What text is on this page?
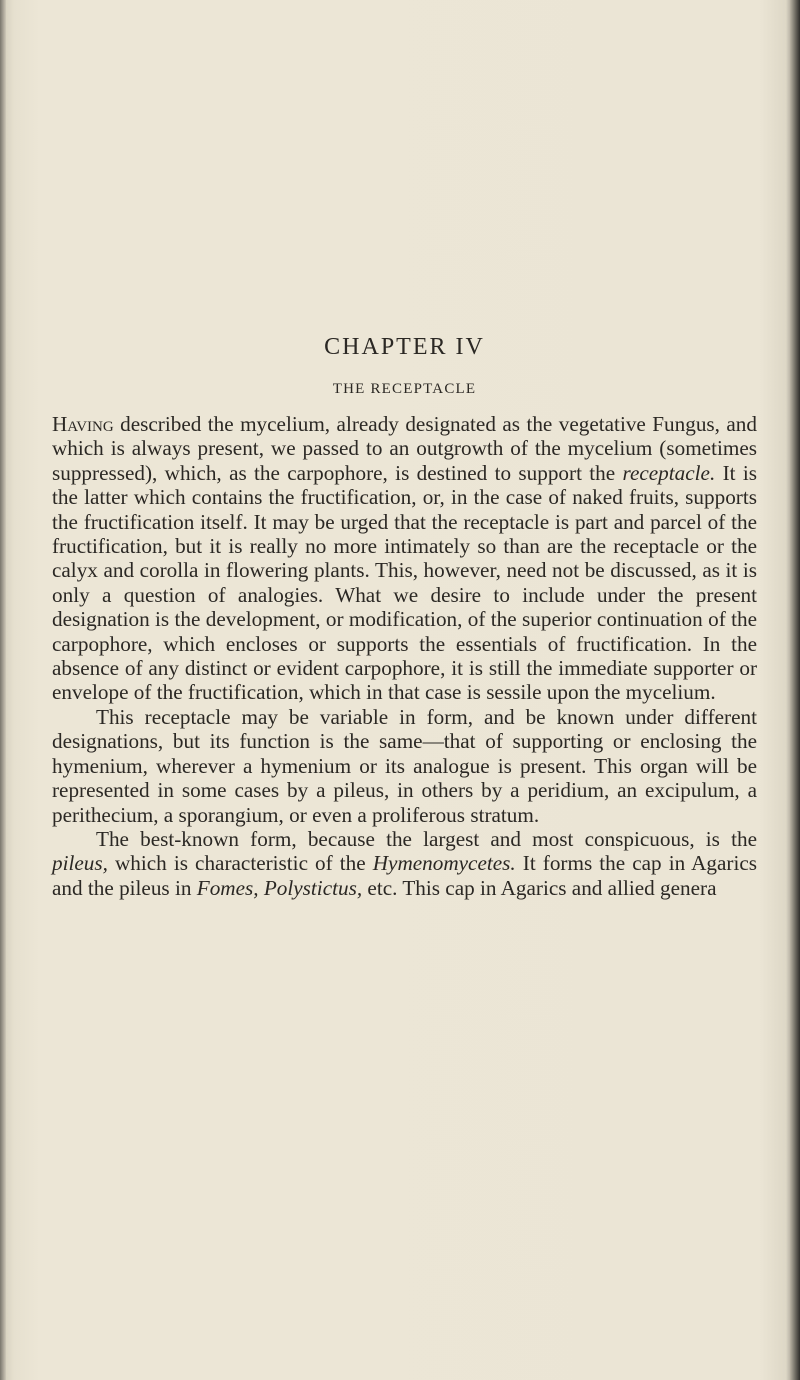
CHAPTER IV
THE RECEPTACLE

Having described the mycelium, already designated as the vegetative Fungus, and which is always present, we passed to an outgrowth of the mycelium (sometimes suppressed), which, as the carpophore, is destined to support the receptacle. It is the latter which contains the fructification, or, in the case of naked fruits, supports the fructification itself. It may be urged that the receptacle is part and parcel of the fructification, but it is really no more intimately so than are the receptacle or the calyx and corolla in flowering plants. This, however, need not be discussed, as it is only a question of analogies. What we desire to include under the present designation is the development, or modification, of the superior continuation of the carpophore, which encloses or supports the essentials of fructification. In the absence of any distinct or evident carpophore, it is still the immediate supporter or envelope of the fructification, which in that case is sessile upon the mycelium.

This receptacle may be variable in form, and be known under different designations, but its function is the same—that of supporting or enclosing the hymenium, wherever a hymenium or its analogue is present. This organ will be represented in some cases by a pileus, in others by a peridium, an excipulum, a perithecium, a sporangium, or even a proliferous stratum.

The best-known form, because the largest and most conspicuous, is the pileus, which is characteristic of the Hymenomycetes. It forms the cap in Agarics and the pileus in Fomes, Polystictus, etc. This cap in Agarics and allied genera
